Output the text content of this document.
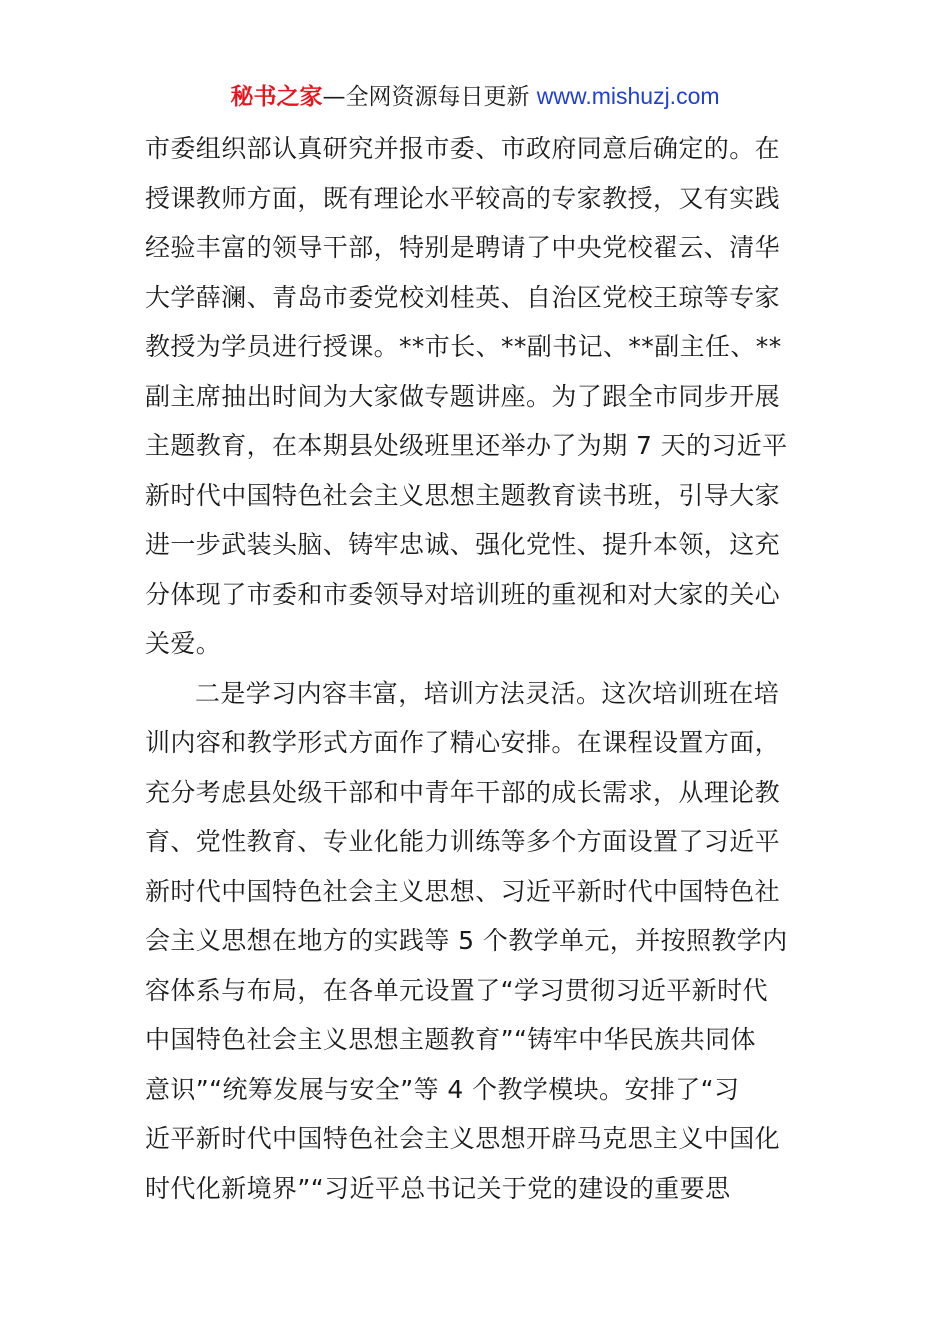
秘书之家—全网资源每日更新 www.mishuzj.com
市委组织部认真研究并报市委、市政府同意后确定的。在
授课教师方面，既有理论水平较高的专家教授，又有实践
经验丰富的领导干部，特别是聘请了中央党校翟云、清华
大学薛澜、青岛市委党校刘桂英、自治区党校王琼等专家
教授为学员进行授课。**市长、**副书记、**副主任、**
副主席抽出时间为大家做专题讲座。为了跟全市同步开展
主题教育，在本期县处级班里还举办了为期 7 天的习近平
新时代中国特色社会主义思想主题教育读书班，引导大家
进一步武装头脑、铸牢忠诚、强化党性、提升本领，这充
分体现了市委和市委领导对培训班的重视和对大家的关心
关爱。
二是学习内容丰富，培训方法灵活。这次培训班在培
训内容和教学形式方面作了精心安排。在课程设置方面，
充分考虑县处级干部和中青年干部的成长需求，从理论教
育、党性教育、专业化能力训练等多个方面设置了习近平
新时代中国特色社会主义思想、习近平新时代中国特色社
会主义思想在地方的实践等 5 个教学单元，并按照教学内
容体系与布局，在各单元设置了“学习贯彻习近平新时代
中国特色社会主义思想主题教育”“铸牢中华民族共同体
意识”“统筹发展与安全”等 4 个教学模块。安排了“习
近平新时代中国特色社会主义思想开辟马克思主义中国化
时代化新境界”“习近平总书记关于党的建设的重要思
